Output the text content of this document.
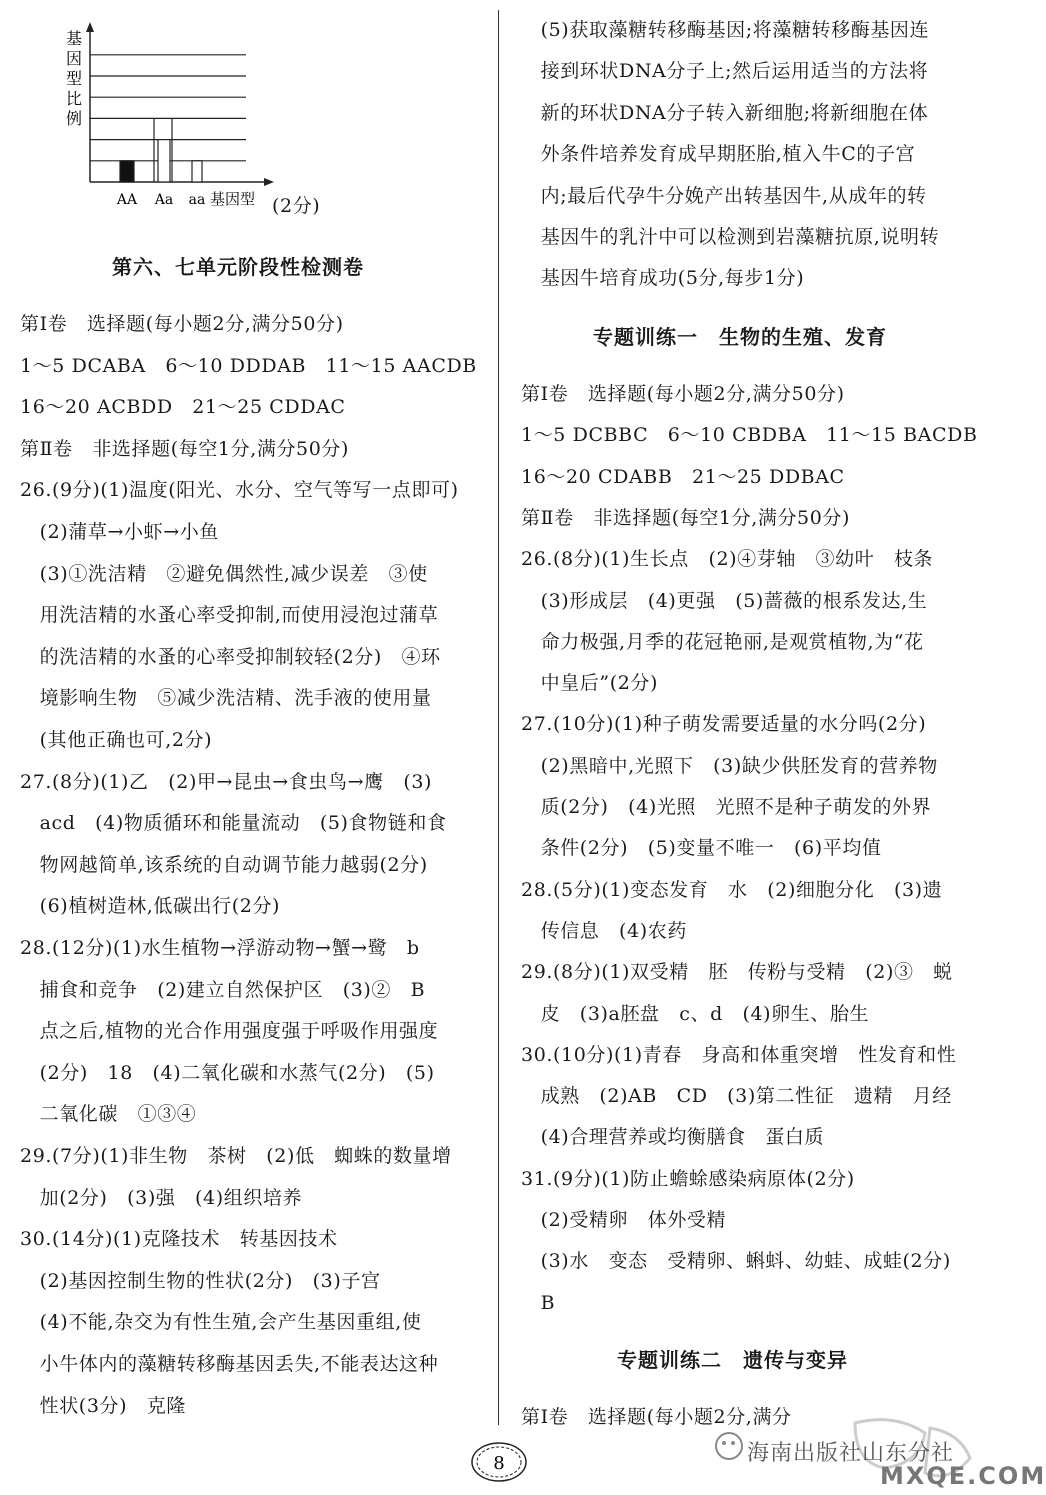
基
因
型
比
例
AA Aa aa 基因型 (2分)
第六、七单元阶段性检测卷
第Ⅰ卷　选择题(每小题2分,满分50分)
1～5 DCABA　6～10 DDDAB　11～15 AACDB
16～20 ACBDD　21～25 CDDAC
第Ⅱ卷　非选择题(每空1分,满分50分)
26.(9分)(1)温度(阳光、水分、空气等写一点即可)
　(2)蒲草→小虾→小鱼
　(3)①洗洁精　②避免偶然性,减少误差　③使
　用洗洁精的水蚤心率受抑制,而使用浸泡过蒲草
　的洗洁精的水蚤的心率受抑制较轻(2分)　④环
　境影响生物　⑤减少洗洁精、洗手液的使用量
　(其他正确也可,2分)
27.(8分)(1)乙　(2)甲→昆虫→食虫鸟→鹰　(3)
　acd　(4)物质循环和能量流动　(5)食物链和食
　物网越简单,该系统的自动调节能力越弱(2分)
　(6)植树造林,低碳出行(2分)
28.(12分)(1)水生植物→浮游动物→蟹→鹭　b
　捕食和竞争　(2)建立自然保护区　(3)②　B
　点之后,植物的光合作用强度强于呼吸作用强度
　(2分)　18　(4)二氧化碳和水蒸气(2分)　(5)
　二氧化碳　①③④
29.(7分)(1)非生物　茶树　(2)低　蜘蛛的数量增
　加(2分)　(3)强　(4)组织培养
30.(14分)(1)克隆技术　转基因技术
　(2)基因控制生物的性状(2分)　(3)子宫
　(4)不能,杂交为有性生殖,会产生基因重组,使
　小牛体内的藻糖转移酶基因丢失,不能表达这种
　性状(3分)　克隆
　(5)获取藻糖转移酶基因;将藻糖转移酶基因连
　接到环状DNA分子上;然后运用适当的方法将
　新的环状DNA分子转入新细胞;将新细胞在体
　外条件培养发育成早期胚胎,植入牛C的子宫
　内;最后代孕牛分娩产出转基因牛,从成年的转
　基因牛的乳汁中可以检测到岩藻糖抗原,说明转
　基因牛培育成功(5分,每步1分)
专题训练一　生物的生殖、发育
第Ⅰ卷　选择题(每小题2分,满分50分)
1～5 DCBBC　6～10 CBDBA　11～15 BACDB
16～20 CDABB　21～25 DDBAC
第Ⅱ卷　非选择题(每空1分,满分50分)
26.(8分)(1)生长点　(2)④芽轴　③幼叶　枝条
　(3)形成层　(4)更强　(5)蔷薇的根系发达,生
　命力极强,月季的花冠艳丽,是观赏植物,为“花
　中皇后”(2分)
27.(10分)(1)种子萌发需要适量的水分吗(2分)
　(2)黑暗中,光照下　(3)缺少供胚发育的营养物
　质(2分)　(4)光照　光照不是种子萌发的外界
　条件(2分)　(5)变量不唯一　(6)平均值
28.(5分)(1)变态发育　水　(2)细胞分化　(3)遗
　传信息　(4)农药
29.(8分)(1)双受精　胚　传粉与受精　(2)③　蜕
　皮　(3)a胚盘　c、d　(4)卵生、胎生
30.(10分)(1)青春　身高和体重突增　性发育和性
　成熟　(2)AB　CD　(3)第二性征　遗精　月经
　(4)合理营养或均衡膳食　蛋白质
31.(9分)(1)防止蟾蜍感染病原体(2分)
　(2)受精卵　体外受精
　(3)水　变态　受精卵、蝌蚪、幼蛙、成蛙(2分)
　B
专题训练二　遗传与变异
第Ⅰ卷　选择题(每小题2分,满分
8	海南出版社山东分社
MXQE.COM
